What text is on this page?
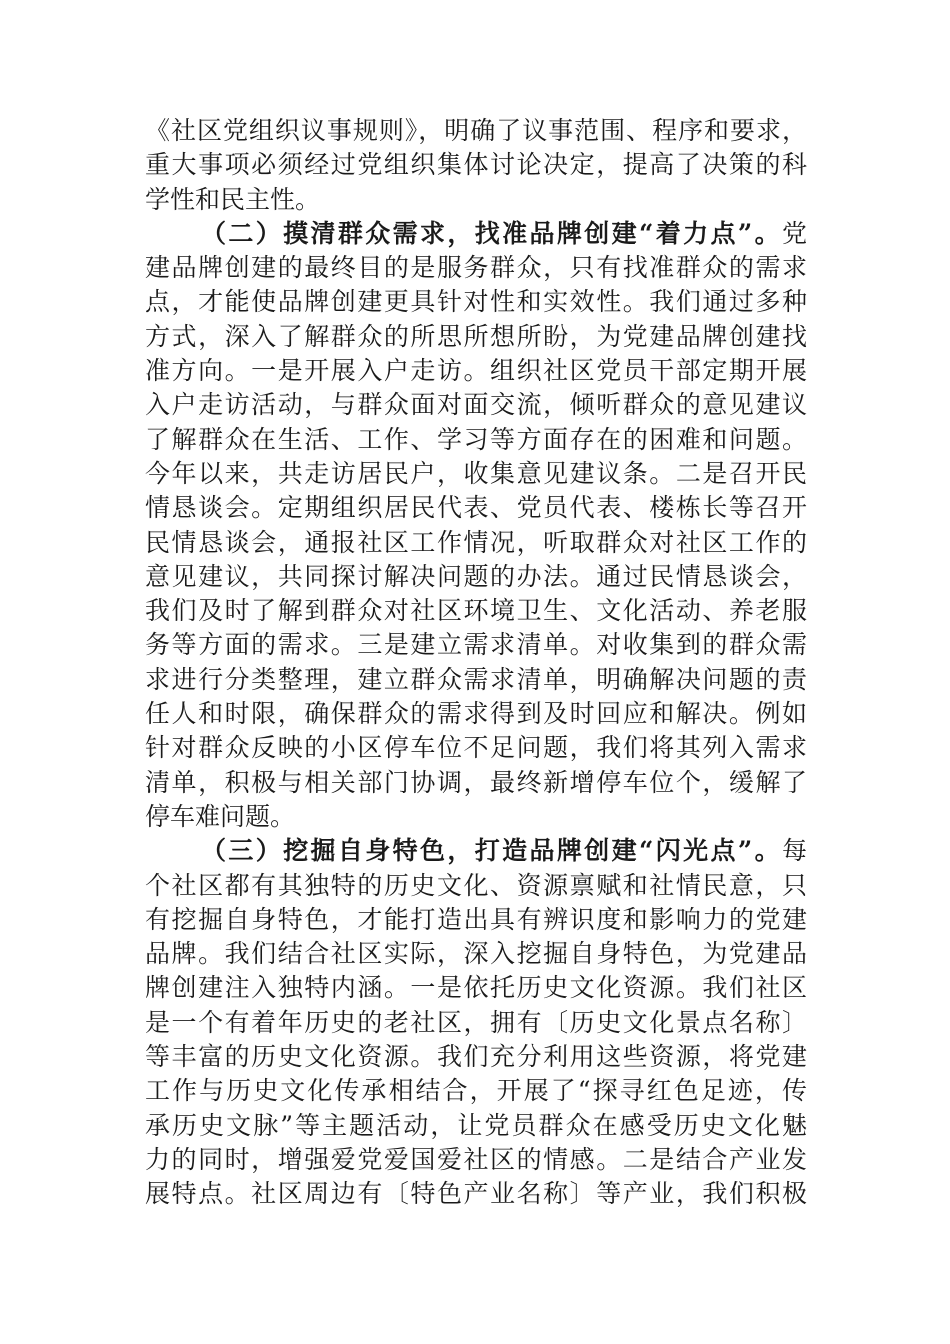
《社区党组织议事规则》，明确了议事范围、程序和要求，
重大事项必须经过党组织集体讨论决定，提高了决策的科
学性和民主性。
（二）摸清群众需求，找准品牌创建“着力点”。党
建品牌创建的最终目的是服务群众，只有找准群众的需求
点，才能使品牌创建更具针对性和实效性。我们通过多种
方式，深入了解群众的所思所想所盼，为党建品牌创建找
准方向。一是开展入户走访。组织社区党员干部定期开展
入户走访活动，与群众面对面交流，倾听群众的意见建议
了解群众在生活、工作、学习等方面存在的困难和问题。
今年以来，共走访居民户，收集意见建议条。二是召开民
情恳谈会。定期组织居民代表、党员代表、楼栋长等召开
民情恳谈会，通报社区工作情况，听取群众对社区工作的
意见建议，共同探讨解决问题的办法。通过民情恳谈会，
我们及时了解到群众对社区环境卫生、文化活动、养老服
务等方面的需求。三是建立需求清单。对收集到的群众需
求进行分类整理，建立群众需求清单，明确解决问题的责
任人和时限，确保群众的需求得到及时回应和解决。例如
针对群众反映的小区停车位不足问题，我们将其列入需求
清单，积极与相关部门协调，最终新增停车位个，缓解了
停车难问题。
（三）挖掘自身特色，打造品牌创建“闪光点”。每
个社区都有其独特的历史文化、资源禀赋和社情民意，只
有挖掘自身特色，才能打造出具有辨识度和影响力的党建
品牌。我们结合社区实际，深入挖掘自身特色，为党建品
牌创建注入独特内涵。一是依托历史文化资源。我们社区
是一个有着年历史的老社区，拥有〔历史文化景点名称〕
等丰富的历史文化资源。我们充分利用这些资源，将党建
工作与历史文化传承相结合，开展了“探寻红色足迹，传
承历史文脉”等主题活动，让党员群众在感受历史文化魅
力的同时，增强爱党爱国爱社区的情感。二是结合产业发
展特点。社区周边有〔特色产业名称〕等产业，我们积极
